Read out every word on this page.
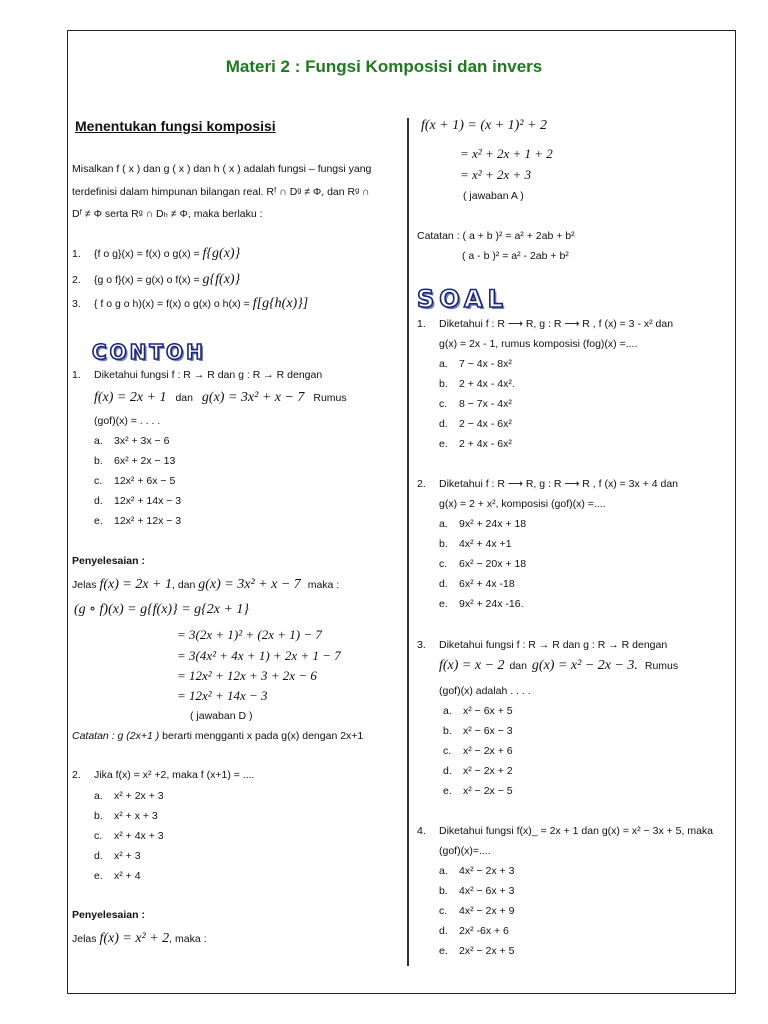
Materi 2 : Fungsi Komposisi dan invers
Menentukan fungsi komposisi
Misalkan f ( x ) dan g ( x ) dan h ( x ) adalah fungsi – fungsi yang
terdefinisi dalam himpunan bilangan real. Rᶠ ∩ Dᵍ ≠ Φ, dan Rᵍ ∩
Dᶠ ≠ Φ serta Rᵍ ∩ Dₕ ≠ Φ, maka berlaku :
1. {f o g}(x) = f(x) o g(x) = f{g(x)}
2. {g o f}(x) = g(x) o f(x) = g{f(x)}
3. { f o g o h)(x) = f(x) o g(x) o h(x) = f[g{h(x)}]
CONTOH
1. Diketahui fungsi f : R → R dan g : R → R dengan
f(x) = 2x + 1 dan g(x) = 3x² + x − 7 Rumus
(gof)(x) = . . . .
a. 3x² + 3x − 6
b. 6x² + 2x − 13
c. 12x² + 6x − 5
d. 12x² + 14x − 3
e. 12x² + 12x − 3
Penyelesaian :
Jelas f(x) = 2x + 1, dan g(x) = 3x² + x − 7 maka :
(g ∘ f)(x) = g{f(x)} = g{2x + 1}
= 3(2x + 1)² + (2x + 1) − 7
= 3(4x² + 4x + 1) + 2x + 1 − 7
= 12x² + 12x + 3 + 2x − 6
= 12x² + 14x − 3
( jawaban D )
Catatan : g (2x+1 ) berarti mengganti x pada g(x) dengan 2x+1
2. Jika f(x) = x² +2, maka f (x+1) = ....
a. x² + 2x + 3
b. x² + x + 3
c. x² + 4x + 3
d. x² + 3
e. x² + 4
Penyelesaian :
Jelas f(x) = x² + 2, maka :
f(x + 1) = (x + 1)² + 2
= x² + 2x + 1 + 2
= x² + 2x + 3
( jawaban A )
Catatan : ( a + b )² = a² + 2ab + b²
( a - b )² = a² - 2ab + b²
SOAL
1. Diketahui f : R ⟶ R, g : R ⟶ R , f (x) = 3 - x² dan
g(x) = 2x - 1, rumus komposisi (fog)(x) =....
a. 7 − 4x - 8x²
b. 2 + 4x - 4x².
c. 8 − 7x - 4x²
d. 2 − 4x - 6x²
e. 2 + 4x - 6x²
2. Diketahui f : R ⟶ R, g : R ⟶ R , f (x) = 3x + 4 dan
g(x) = 2 + x², komposisi (gof)(x) =....
a. 9x² + 24x + 18
b. 4x² + 4x +1
c. 6x² − 20x + 18
d. 6x² + 4x -18
e. 9x² + 24x -16.
3. Diketahui fungsi f : R → R dan g : R → R dengan
f(x) = x − 2 dan g(x) = x² − 2x − 3. Rumus
(gof)(x) adalah . . . .
a. x² − 6x + 5
b. x² − 6x − 3
c. x² − 2x + 6
d. x² − 2x + 2
e. x² − 2x − 5
4. Diketahui fungsi f(x)_ = 2x + 1 dan g(x) = x² − 3x + 5, maka
(gof)(x)=....
a. 4x² − 2x + 3
b. 4x² − 6x + 3
c. 4x² − 2x + 9
d. 2x² -6x + 6
e. 2x² − 2x + 5
